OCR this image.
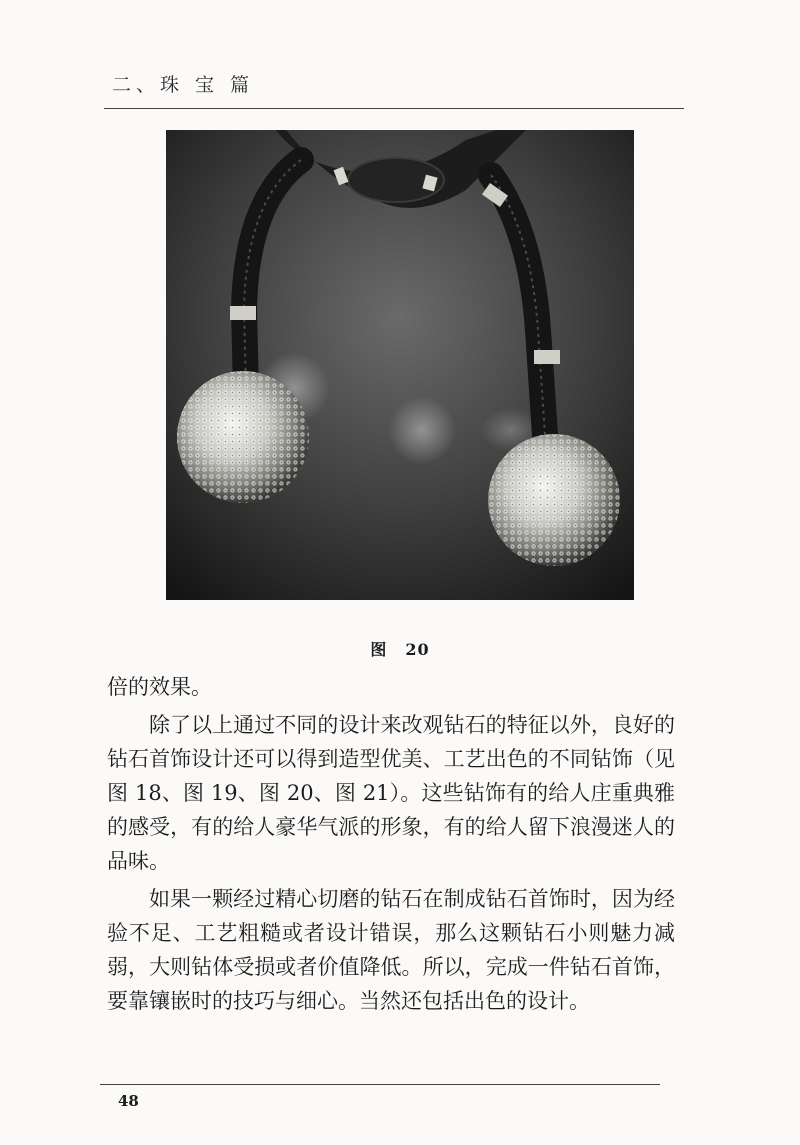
二、珠 宝 篇
图 20

倍的效果。

除了以上通过不同的设计来改观钻石的特征以外，良好的钻石首饰设计还可以得到造型优美、工艺出色的不同钻饰（见图 18、图 19、图 20、图 21）。这些钻饰有的给人庄重典雅的感受，有的给人豪华气派的形象，有的给人留下浪漫迷人的品味。

如果一颗经过精心切磨的钻石在制成钻石首饰时，因为经验不足、工艺粗糙或者设计错误，那么这颗钻石小则魅力减弱，大则钻体受损或者价值降低。所以，完成一件钻石首饰，要靠镶嵌时的技巧与细心。当然还包括出色的设计。

48
